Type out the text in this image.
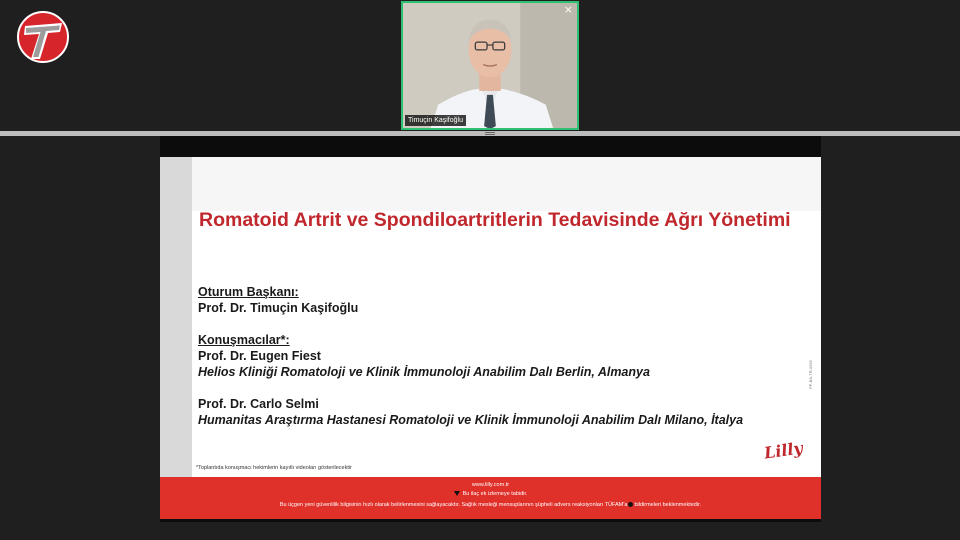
×
Timuçin Kaşifoğlu
Romatoid Artrit ve Spondiloartritlerin Tedavisinde Ağrı Yönetimi
Oturum Başkanı:
Prof. Dr. Timuçin Kaşifoğlu
Konuşmacılar*:
Prof. Dr. Eugen Fiest
Helios Kliniği Romatoloji ve Klinik İmmunoloji Anabilim Dalı Berlin, Almanya
Prof. Dr. Carlo Selmi
Humanitas Araştırma Hastanesi Romatoloji ve Klinik İmmunoloji Anabilim Dalı Milano, İtalya
*Toplantıda konuşmacı hekimlerin kayıtlı videoları gösterilecektir
PP-BA-TR-0392
Lilly
www.lilly.com.tr
Bu ilaç ek izlemeye tabidir.
Bu üçgen yeni güvenlilik bilgisinin hızlı olarak belirlenmesini sağlayacaktır. Sağlık mesleği mensuplarının şüpheli advers reaksiyonları TÜFAM'a bildirmeleri beklenmektedir.
